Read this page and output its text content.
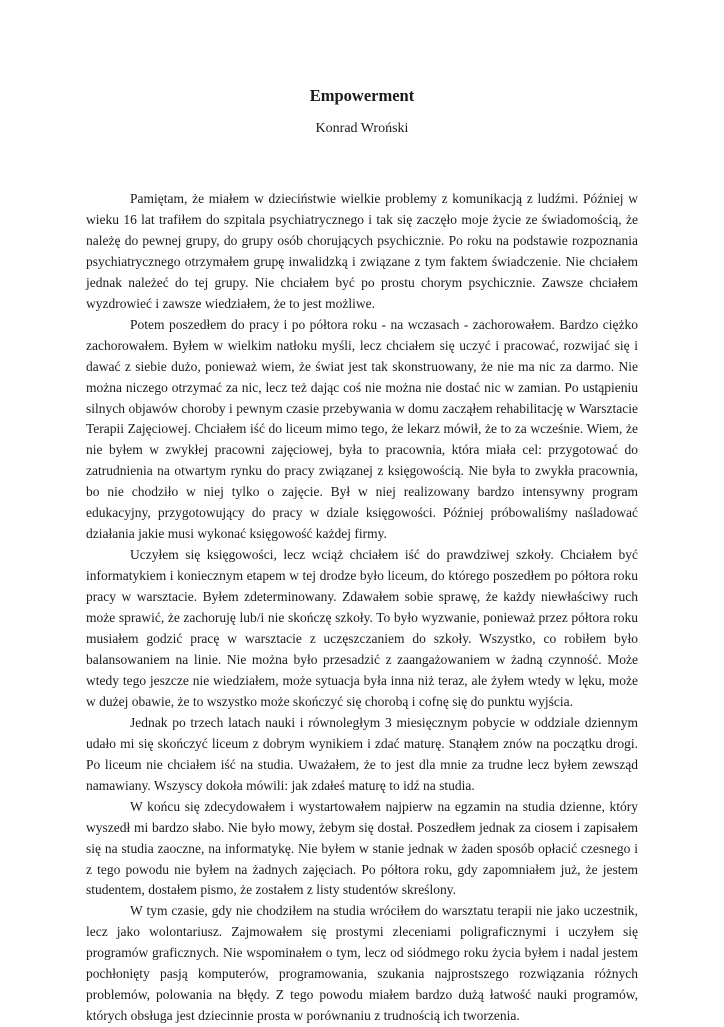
Empowerment
Konrad Wroński

Pamiętam, że miałem w dzieciństwie wielkie problemy z komunikacją z ludźmi. Później w wieku 16 lat trafiłem do szpitala psychiatrycznego i tak się zaczęło moje życie ze świadomością, że należę do pewnej grupy, do grupy osób chorujących psychicznie. Po roku na podstawie rozpoznania psychiatrycznego otrzymałem grupę inwalidzką i związane z tym faktem świadczenie. Nie chciałem jednak należeć do tej grupy. Nie chciałem być po prostu chorym psychicznie. Zawsze chciałem wyzdrowieć i zawsze wiedziałem, że to jest możliwe.

Potem poszedłem do pracy i po półtora roku - na wczasach - zachorowałem. Bardzo ciężko zachorowałem. Byłem w wielkim natłoku myśli, lecz chciałem się uczyć i pracować, rozwijać się i dawać z siebie dużo, ponieważ wiem, że świat jest tak skonstruowany, że nie ma nic za darmo. Nie można niczego otrzymać za nic, lecz też dając coś nie można nie dostać nic w zamian. Po ustąpieniu silnych objawów choroby i pewnym czasie przebywania w domu zacząłem rehabilitację w Warsztacie Terapii Zajęciowej. Chciałem iść do liceum mimo tego, że lekarz mówił, że to za wcześnie. Wiem, że nie byłem w zwykłej pracowni zajęciowej, była to pracownia, która miała cel: przygotować do zatrudnienia na otwartym rynku do pracy związanej z księgowością. Nie była to zwykła pracownia, bo nie chodziło w niej tylko o zajęcie. Był w niej realizowany bardzo intensywny program edukacyjny, przygotowujący do pracy w dziale księgowości. Później próbowaliśmy naśladować działania jakie musi wykonać księgowość każdej firmy.

Uczyłem się księgowości, lecz wciąż chciałem iść do prawdziwej szkoły. Chciałem być informatykiem i koniecznym etapem w tej drodze było liceum, do którego poszedłem po półtora roku pracy w warsztacie. Byłem zdeterminowany. Zdawałem sobie sprawę, że każdy niewłaściwy ruch może sprawić, że zachoruję lub/i nie skończę szkoły. To było wyzwanie, ponieważ przez półtora roku musiałem godzić pracę w warsztacie z uczęszczaniem do szkoły. Wszystko, co robiłem było balansowaniem na linie. Nie można było przesadzić z zaangażowaniem w żadną czynność. Może wtedy tego jeszcze nie wiedziałem, może sytuacja była inna niż teraz, ale żyłem wtedy w lęku, może w dużej obawie, że to wszystko może skończyć się chorobą i cofnę się do punktu wyjścia.

Jednak po trzech latach nauki i równoległym 3 miesięcznym pobycie w oddziale dziennym udało mi się skończyć liceum z dobrym wynikiem i zdać maturę. Stanąłem znów na początku drogi. Po liceum nie chciałem iść na studia. Uważałem, że to jest dla mnie za trudne lecz byłem zewsząd namawiany. Wszyscy dokoła mówili: jak zdałeś maturę to idź na studia.

W końcu się zdecydowałem i wystartowałem najpierw na egzamin na studia dzienne, który wyszedł mi bardzo słabo. Nie było mowy, żebym się dostał. Poszedłem jednak za ciosem i zapisałem się na studia zaoczne, na informatykę. Nie byłem w stanie jednak w żaden sposób opłacić czesnego i z tego powodu nie byłem na żadnych zajęciach. Po półtora roku, gdy zapomniałem już, że jestem studentem, dostałem pismo, że zostałem z listy studentów skreślony.

W tym czasie, gdy nie chodziłem na studia wróciłem do warsztatu terapii nie jako uczestnik, lecz jako wolontariusz. Zajmowałem się prostymi zleceniami poligraficznymi i uczyłem się programów graficznych. Nie wspominałem o tym, lecz od siódmego roku życia byłem i nadal jestem pochłonięty pasją komputerów, programowania, szukania najprostszego rozwiązania różnych problemów, polowania na błędy. Z tego powodu miałem bardzo dużą łatwość nauki programów, których obsługa jest dziecinnie prosta w porównaniu z trudnością ich tworzenia.
